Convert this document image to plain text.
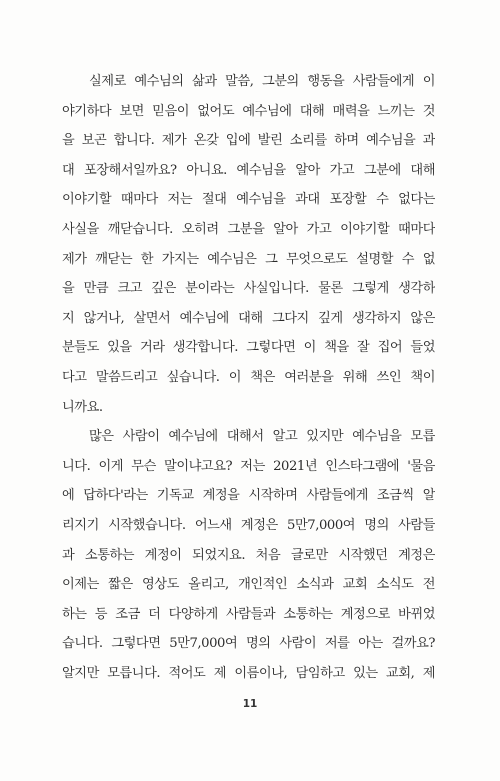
실제로 예수님의 삶과 말씀, 그분의 행동을 사람들에게 이
야기하다 보면 믿음이 없어도 예수님에 대해 매력을 느끼는 것
을 보곤 합니다. 제가 온갖 입에 발린 소리를 하며 예수님을 과
대 포장해서일까요? 아니요. 예수님을 알아 가고 그분에 대해
이야기할 때마다 저는 절대 예수님을 과대 포장할 수 없다는
사실을 깨닫습니다. 오히려 그분을 알아 가고 이야기할 때마다
제가 깨닫는 한 가지는 예수님은 그 무엇으로도 설명할 수 없
을 만큼 크고 깊은 분이라는 사실입니다. 물론 그렇게 생각하
지 않거나, 살면서 예수님에 대해 그다지 깊게 생각하지 않은
분들도 있을 거라 생각합니다. 그렇다면 이 책을 잘 집어 들었
다고 말씀드리고 싶습니다. 이 책은 여러분을 위해 쓰인 책이
니까요.
많은 사람이 예수님에 대해서 알고 있지만 예수님을 모릅
니다. 이게 무슨 말이냐고요? 저는 2021년 인스타그램에 '물음
에 답하다'라는 기독교 계정을 시작하며 사람들에게 조금씩 알
리지기 시작했습니다. 어느새 계정은 5만7,000여 명의 사람들
과 소통하는 계정이 되었지요. 처음 글로만 시작했던 계정은
이제는 짧은 영상도 올리고, 개인적인 소식과 교회 소식도 전
하는 등 조금 더 다양하게 사람들과 소통하는 계정으로 바뀌었
습니다. 그렇다면 5만7,000여 명의 사람이 저를 아는 걸까요?
알지만 모릅니다. 적어도 제 이름이나, 담임하고 있는 교회, 제
11
